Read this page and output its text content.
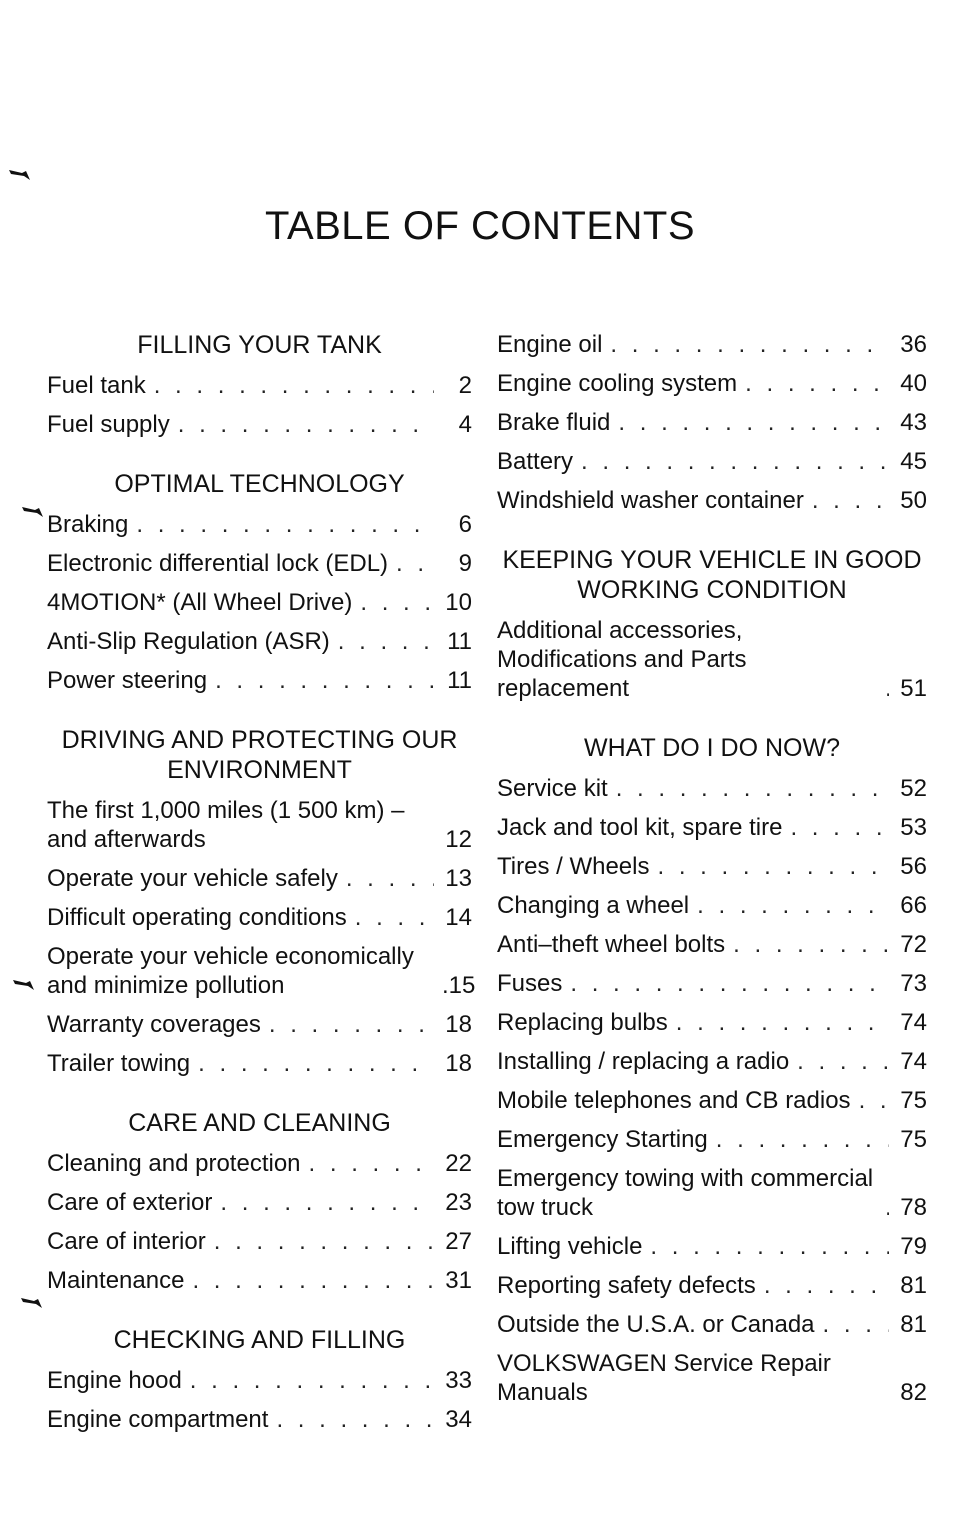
TABLE OF CONTENTS
FILLING YOUR TANK
Fuel tank . . .	2
Fuel supply . . .	4
OPTIMAL TECHNOLOGY
Braking . . .	6
Electronic differential lock (EDL) . . .	9
4MOTION* (All Wheel Drive) . . .	10
Anti-Slip Regulation (ASR) . . .	11
Power steering . . .	11
DRIVING AND PROTECTING OUR ENVIRONMENT
The first 1,000 miles (1 500 km) – and afterwards	12
Operate your vehicle safely . . .	13
Difficult operating conditions . . .	14
Operate your vehicle economically and minimize pollution	.15
Warranty coverages . . .	18
Trailer towing . . .	18
CARE AND CLEANING
Cleaning and protection . . .	22
Care of exterior . . .	23
Care of interior . . .	27
Maintenance . . .	31
CHECKING AND FILLING
Engine hood . . .	33
Engine compartment . . .	34
Engine oil . . .	36
Engine cooling system . . .	40
Brake fluid . . .	43
Battery . . .	45
Windshield washer container . . .	50
KEEPING YOUR VEHICLE IN GOOD WORKING CONDITION
Additional accessories, Modifications and Parts replacement . . .	51
WHAT DO I DO NOW?
Service kit . . .	52
Jack and tool kit, spare tire . . .	53
Tires / Wheels . . .	56
Changing a wheel . . .	66
Anti–theft wheel bolts . . .	72
Fuses . . .	73
Replacing bulbs . . .	74
Installing / replacing a radio . . .	74
Mobile telephones and CB radios . . . 75
Emergency Starting . . .	75
Emergency towing with commercial tow truck . . .	78
Lifting vehicle . . .	79
Reporting safety defects . . .	81
Outside the U.S.A. or Canada . . .	81
VOLKSWAGEN Service Repair Manuals	82
